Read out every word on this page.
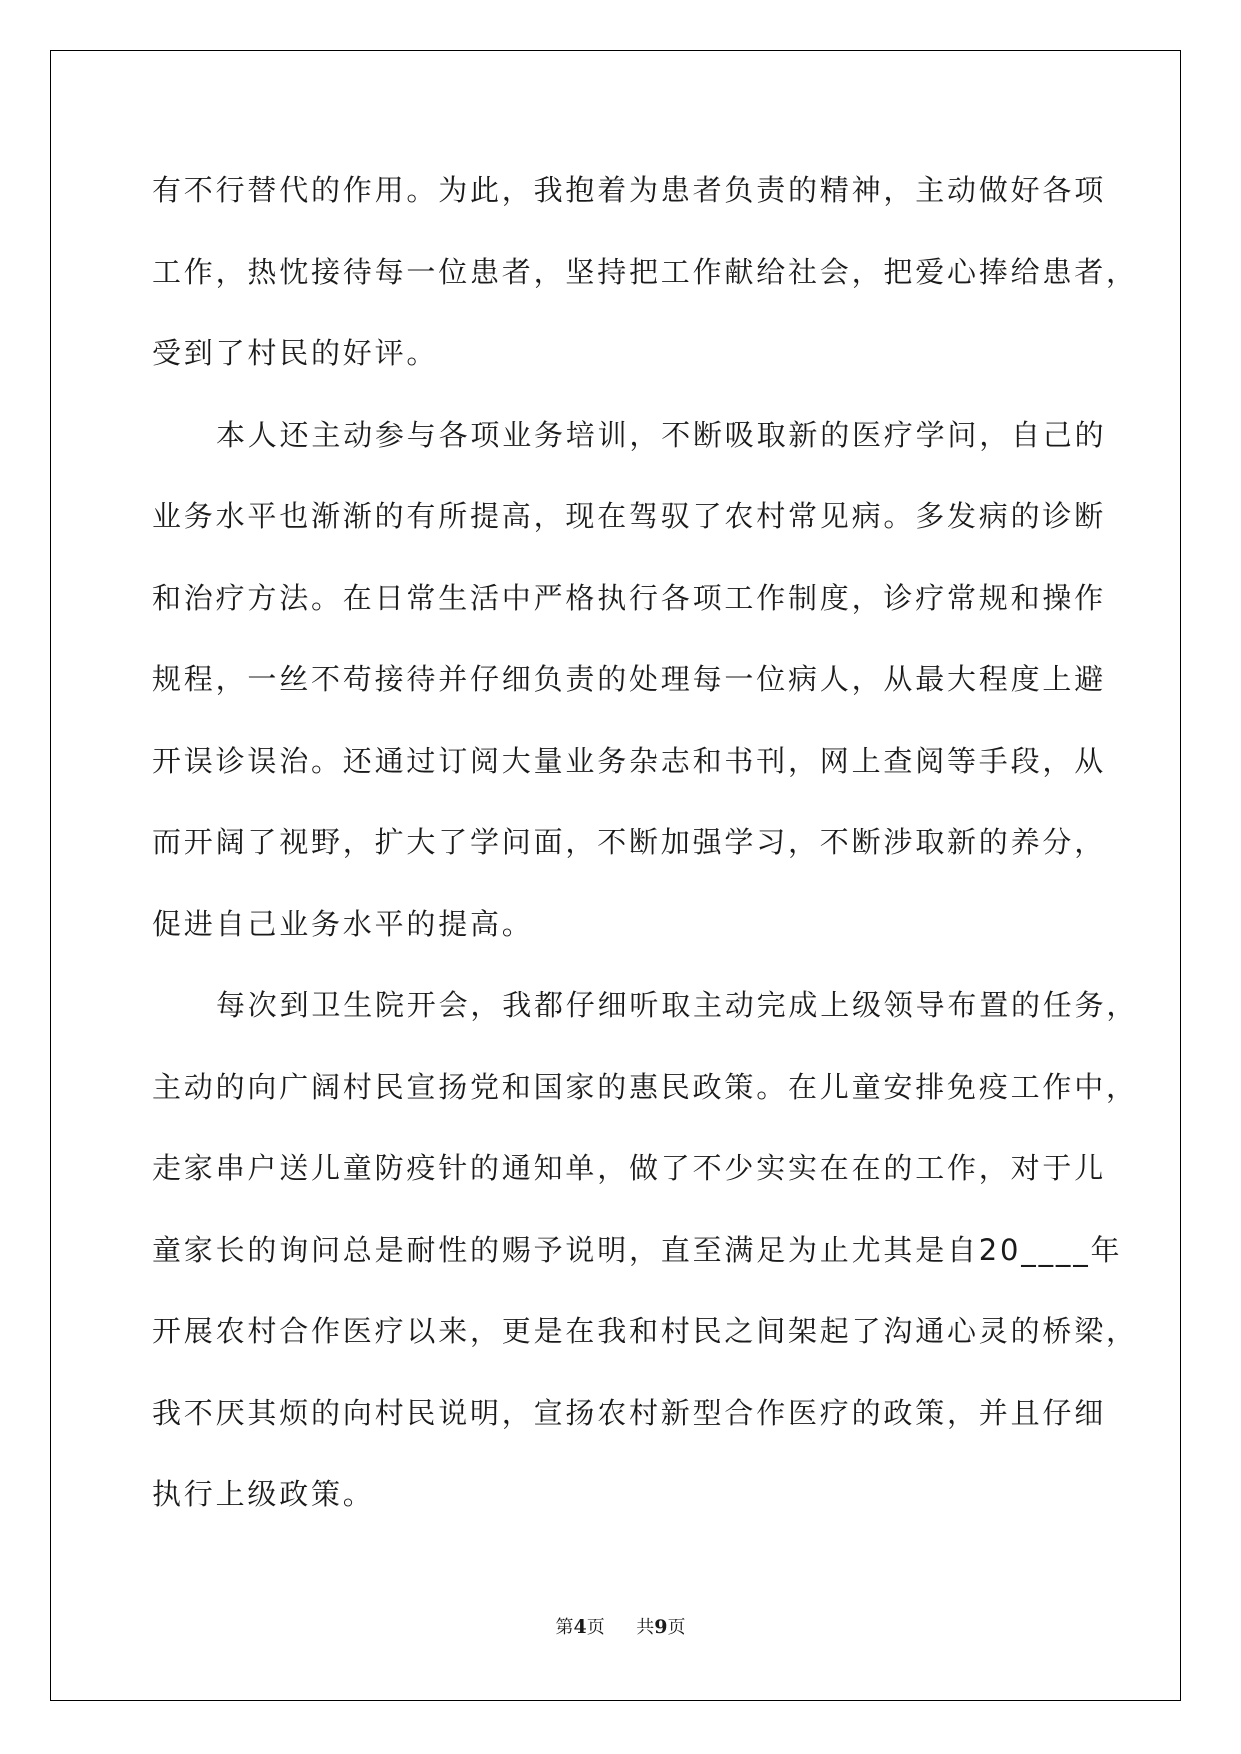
有不行替代的作用。为此，我抱着为患者负责的精神，主动做好各项
工作，热忱接待每一位患者，坚持把工作献给社会，把爱心捧给患者，
受到了村民的好评。
本人还主动参与各项业务培训，不断吸取新的医疗学问，自己的
业务水平也渐渐的有所提高，现在驾驭了农村常见病。多发病的诊断
和治疗方法。在日常生活中严格执行各项工作制度，诊疗常规和操作
规程，一丝不苟接待并仔细负责的处理每一位病人，从最大程度上避
开误诊误治。还通过订阅大量业务杂志和书刊，网上查阅等手段，从
而开阔了视野，扩大了学问面，不断加强学习，不断涉取新的养分，
促进自己业务水平的提高。
每次到卫生院开会，我都仔细听取主动完成上级领导布置的任务，
主动的向广阔村民宣扬党和国家的惠民政策。在儿童安排免疫工作中，
走家串户送儿童防疫针的通知单，做了不少实实在在的工作，对于儿
童家长的询问总是耐性的赐予说明，直至满足为止尤其是自20____年
开展农村合作医疗以来，更是在我和村民之间架起了沟通心灵的桥梁，
我不厌其烦的向村民说明，宣扬农村新型合作医疗的政策，并且仔细
执行上级政策。
第4页 共9页
